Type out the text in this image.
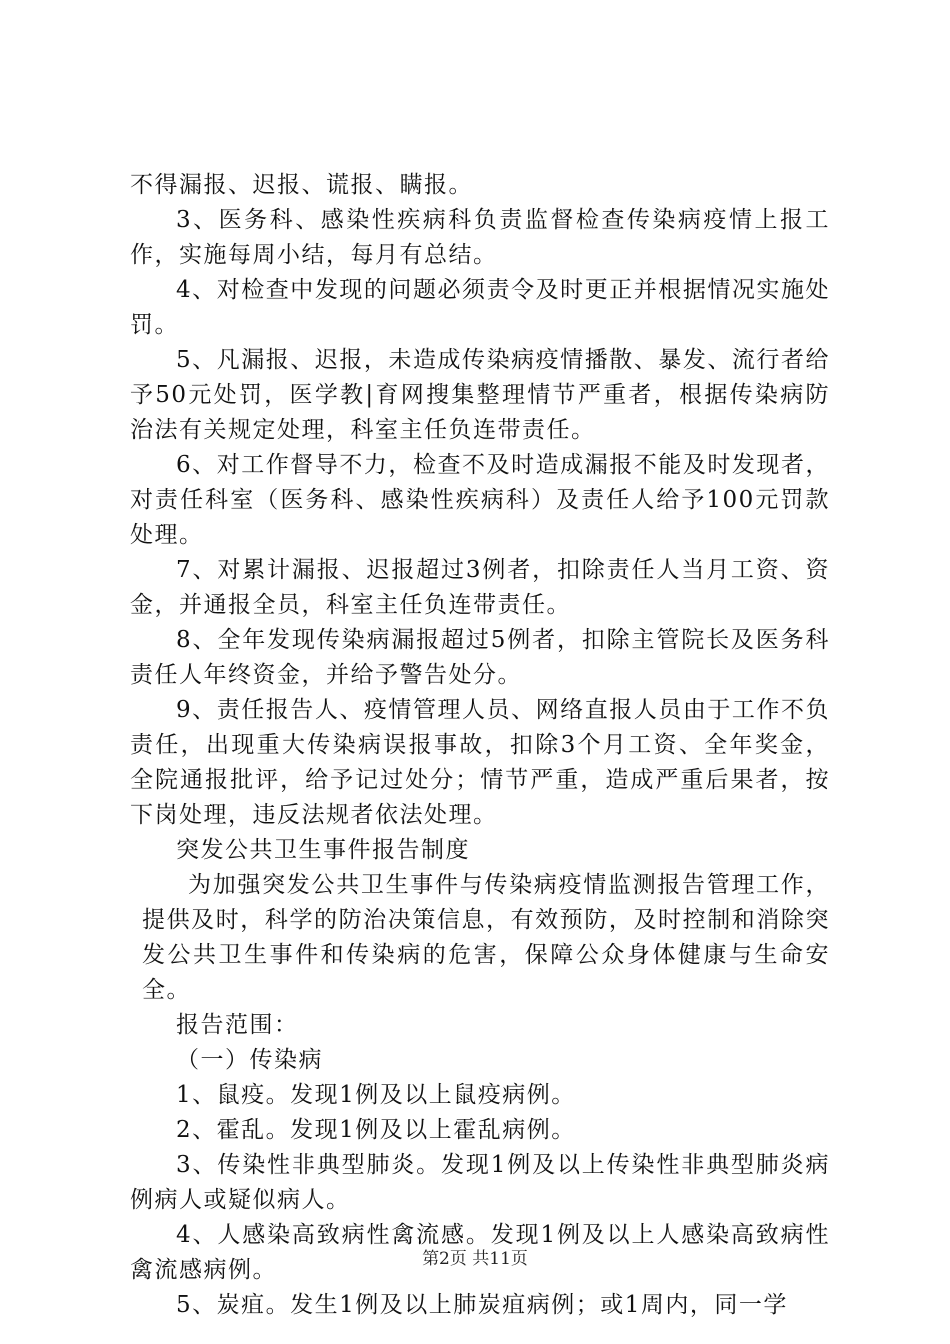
不得漏报、迟报、谎报、瞒报。

3、医务科、感染性疾病科负责监督检查传染病疫情上报工作，实施每周小结，每月有总结。

4、对检查中发现的问题必须责令及时更正并根据情况实施处罚。

5、凡漏报、迟报，未造成传染病疫情播散、暴发、流行者给予50元处罚，医学教|育网搜集整理情节严重者，根据传染病防治法有关规定处理，科室主任负连带责任。

6、对工作督导不力，检查不及时造成漏报不能及时发现者，对责任科室（医务科、感染性疾病科）及责任人给予100元罚款处理。

7、对累计漏报、迟报超过3例者，扣除责任人当月工资、资金，并通报全员，科室主任负连带责任。

8、全年发现传染病漏报超过5例者，扣除主管院长及医务科责任人年终资金，并给予警告处分。

9、责任报告人、疫情管理人员、网络直报人员由于工作不负责任，出现重大传染病误报事故，扣除3个月工资、全年奖金，全院通报批评，给予记过处分；情节严重，造成严重后果者，按下岗处理，违反法规者依法处理。

突发公共卫生事件报告制度

为加强突发公共卫生事件与传染病疫情监测报告管理工作，提供及时，科学的防治决策信息，有效预防，及时控制和消除突发公共卫生事件和传染病的危害，保障公众身体健康与生命安全。

报告范围：

（一）传染病

1、鼠疫。发现1例及以上鼠疫病例。

2、霍乱。发现1例及以上霍乱病例。

3、传染性非典型肺炎。发现1例及以上传染性非典型肺炎病例病人或疑似病人。

4、人感染高致病性禽流感。发现1例及以上人感染高致病性禽流感病例。

5、炭疽。发生1例及以上肺炭疽病例；或1周内，同一学

第2页 共11页
